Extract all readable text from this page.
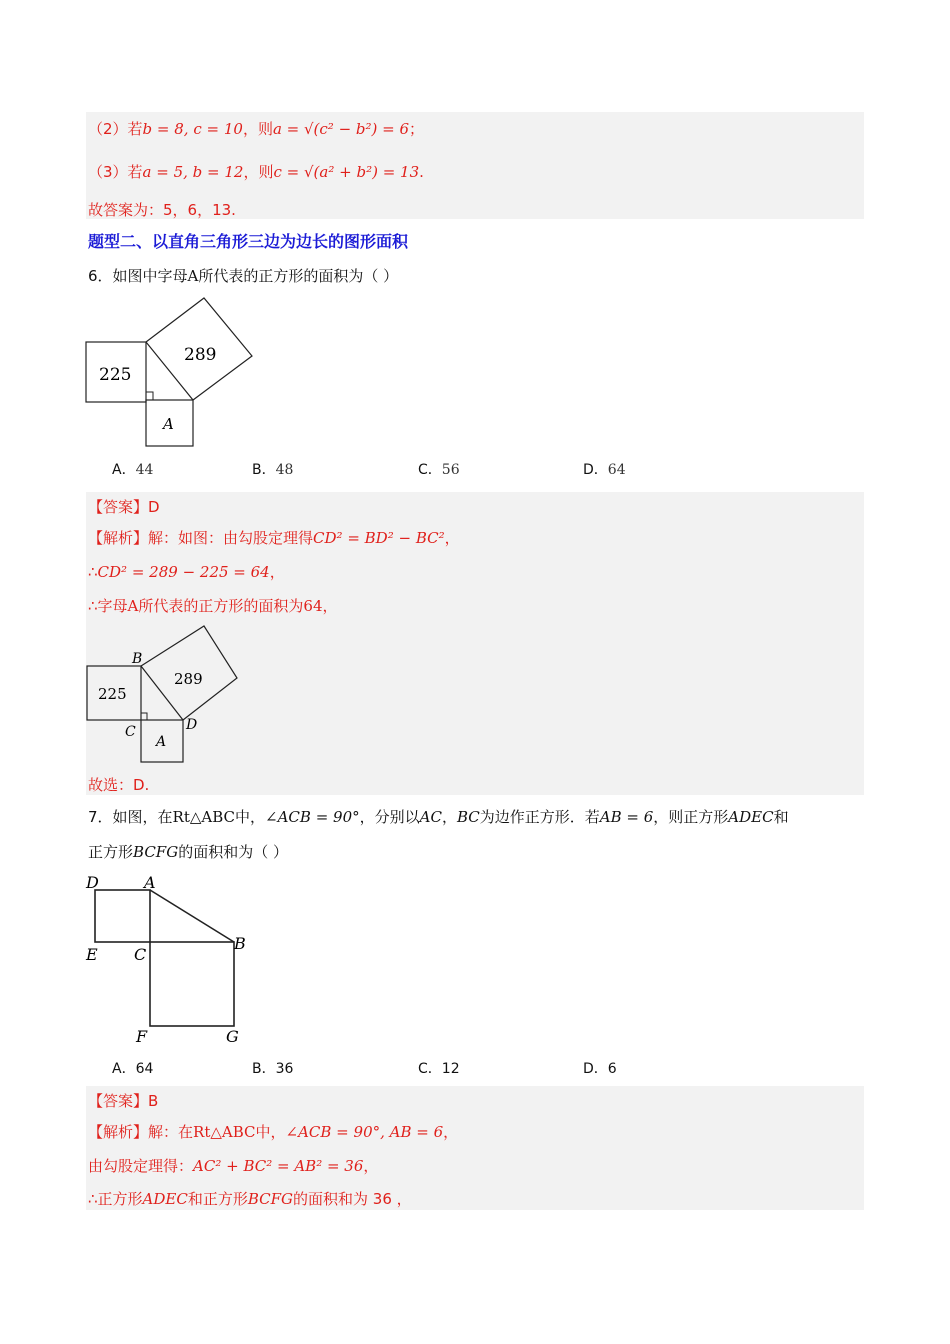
（2）若b = 8, c = 10，则a = √(c² − b²) = 6；
（3）若a = 5, b = 12，则c = √(a² + b²) = 13.
故答案为：5，6，13.
题型二、以直角三角形三边为边长的图形面积
6．如图中字母A所代表的正方形的面积为（ ）
225
289
A
A．44	B．48	C．56	D．64
【答案】D
【解析】解：如图：由勾股定理得CD² = BD² − BC²，
∴CD² = 289 − 225 = 64，
∴字母A所代表的正方形的面积为64，
225
289
A
B
C	D
故选：D.
7．如图，在Rt△ABC中，∠ACB = 90°，分别以AC，BC为边作正方形．若AB = 6，则正方形ADEC和
正方形BCFG的面积和为（ ）
D	A
B
E C
F	G
A．64	B．36	C．12	D．6
【答案】B
【解析】解：在Rt△ABC中，∠ACB = 90°, AB = 6，
由勾股定理得：AC² + BC² = AB² = 36，
∴正方形ADEC和正方形BCFG的面积和为 36 ，
